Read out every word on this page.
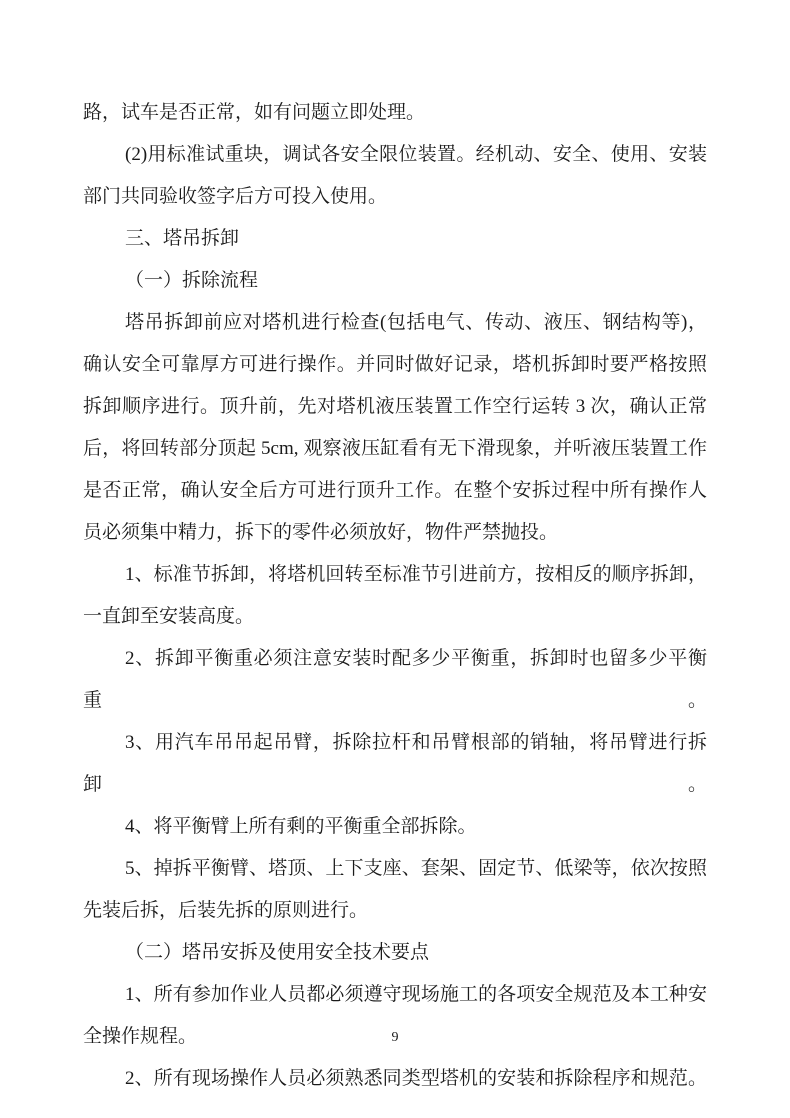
路，试车是否正常，如有问题立即处理。
(2)用标准试重块，调试各安全限位装置。经机动、安全、使用、安装
部门共同验收签字后方可投入使用。
三、塔吊拆卸
（一）拆除流程
塔吊拆卸前应对塔机进行检查(包括电气、传动、液压、钢结构等)，
确认安全可靠厚方可进行操作。并同时做好记录，塔机拆卸时要严格按照
拆卸顺序进行。顶升前，先对塔机液压装置工作空行运转 3 次，确认正常
后，将回转部分顶起 5cm, 观察液压缸看有无下滑现象，并听液压装置工作
是否正常，确认安全后方可进行顶升工作。在整个安拆过程中所有操作人
员必须集中精力，拆下的零件必须放好，物件严禁抛投。
1、标准节拆卸，将塔机回转至标准节引进前方，按相反的顺序拆卸，
一直卸至安装高度。
2、拆卸平衡重必须注意安装时配多少平衡重，拆卸时也留多少平衡重。
3、用汽车吊吊起吊臂，拆除拉杆和吊臂根部的销轴，将吊臂进行拆卸。
4、将平衡臂上所有剩的平衡重全部拆除。
5、掉拆平衡臂、塔顶、上下支座、套架、固定节、低梁等，依次按照
先装后拆，后装先拆的原则进行。
（二）塔吊安拆及使用安全技术要点
1、所有参加作业人员都必须遵守现场施工的各项安全规范及本工种安
全操作规程。
2、所有现场操作人员必须熟悉同类型塔机的安装和拆除程序和规范。
9
